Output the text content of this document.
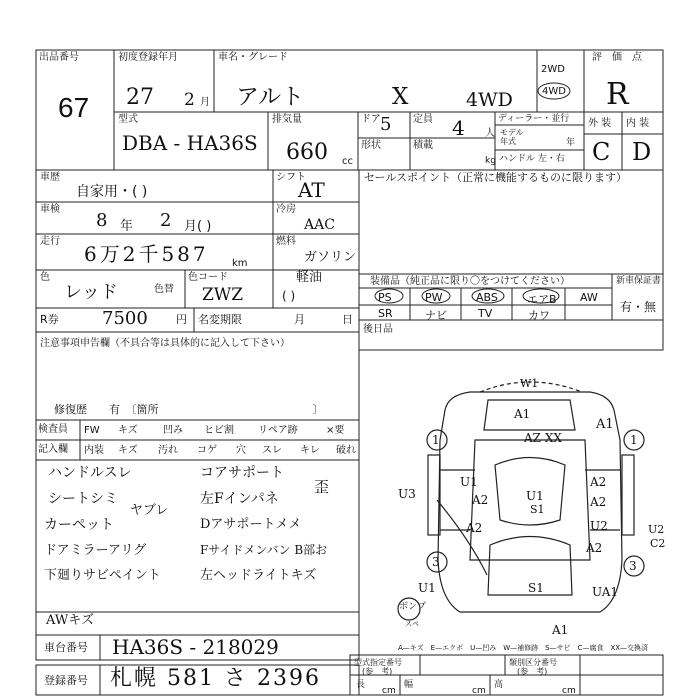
出品番号
67
初度登録年月
27 2 月
車名・グレード
アルト	X	4WD
2WD
4WD
評　価　点
R
型式
DBA - HA36S
排気量
660 cc
ドア 5 定員 4 人
ディーラー・並行
モデル
年式	年
形状	積載
kg ハンドル 左・右
外 装 内 装
C D
車歴
自家用・( )
シフト
AT
車検
8 年 2 月( )
冷房
AAC
走行
6万2千587 km
燃料
ガソリン
軽油
( )
色
レッド	色替
色コード
ZWZ
セールスポイント（正常に機能するものに限ります）
装備品（純正品に限り〇をつけてください）	新車保証書
有・無
PS	PW	ABS	エアB AW
SR	ナビ	TV	カワ
R券 7500	円 名変期限	月	日
注意事項申告欄（不具合等は具体的に記入して下さい）
修復歴　　有　〔箇所　　　　　　　　　　　　　　〕
後日品
検査員
記入欄
FW キズ	凹み ヒビ割 リペア跡	×要
内装 キズ 汚れ コゲ 穴 スレ キレ 破れ
ハンドルスレ
シートシミ
カーペット
ドアミラーアリグ
下廻りサビペイント
AWキズ
ヤブレ
コアサポート
左Fインパネ
Dアサポートメメ
Fサイドメンバン B部お
左ヘッドライトキズ
歪
W1
A1
AZ XX
A1
1	1
U3
U1
A2	U1
S1
A2
A2
A2	U2
A2
U2
C2
3	3
U1	S1	UA1
A1
ボンプ
スペ
A—キズ　E—エクボ　U—凹み　W—補修跡　S—サビ　C—腐食　XX—交換済
車台番号 HA36S - 218029
登録番号 札幌 581 さ 2396
型式指定番号
(参　考)
類別区分番号
(参　考)
長
cm
幅
cm
高
cm
